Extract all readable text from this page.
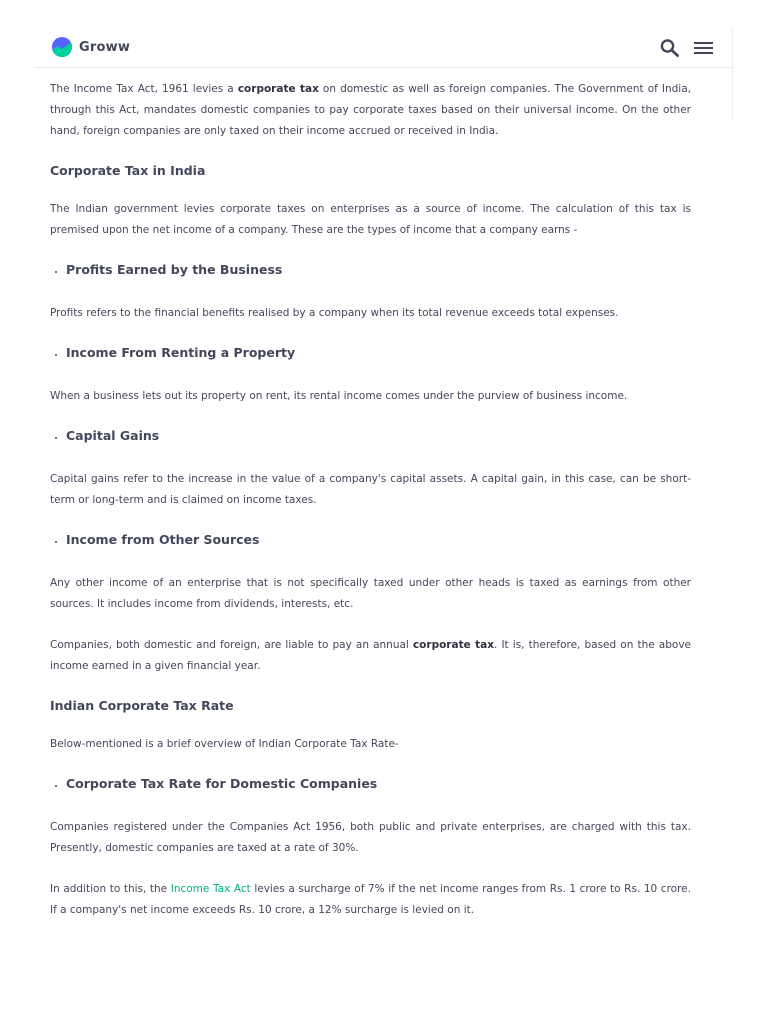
Groww

The Income Tax Act, 1961 levies a corporate tax on domestic as well as foreign companies. The Government of India, through this Act, mandates domestic companies to pay corporate taxes based on their universal income. On the other hand, foreign companies are only taxed on their income accrued or received in India.

Corporate Tax in India

The Indian government levies corporate taxes on enterprises as a source of income. The calculation of this tax is premised upon the net income of a company. These are the types of income that a company earns -

• Profits Earned by the Business

Profits refers to the financial benefits realised by a company when its total revenue exceeds total expenses.

• Income From Renting a Property

When a business lets out its property on rent, its rental income comes under the purview of business income.

• Capital Gains

Capital gains refer to the increase in the value of a company's capital assets. A capital gain, in this case, can be short-term or long-term and is claimed on income taxes.

• Income from Other Sources

Any other income of an enterprise that is not specifically taxed under other heads is taxed as earnings from other sources. It includes income from dividends, interests, etc.

Companies, both domestic and foreign, are liable to pay an annual corporate tax. It is, therefore, based on the above income earned in a given financial year.

Indian Corporate Tax Rate

Below-mentioned is a brief overview of Indian Corporate Tax Rate-

• Corporate Tax Rate for Domestic Companies

Companies registered under the Companies Act 1956, both public and private enterprises, are charged with this tax. Presently, domestic companies are taxed at a rate of 30%.

In addition to this, the Income Tax Act levies a surcharge of 7% if the net income ranges from Rs. 1 crore to Rs. 10 crore. If a company's net income exceeds Rs. 10 crore, a 12% surcharge is levied on it.
